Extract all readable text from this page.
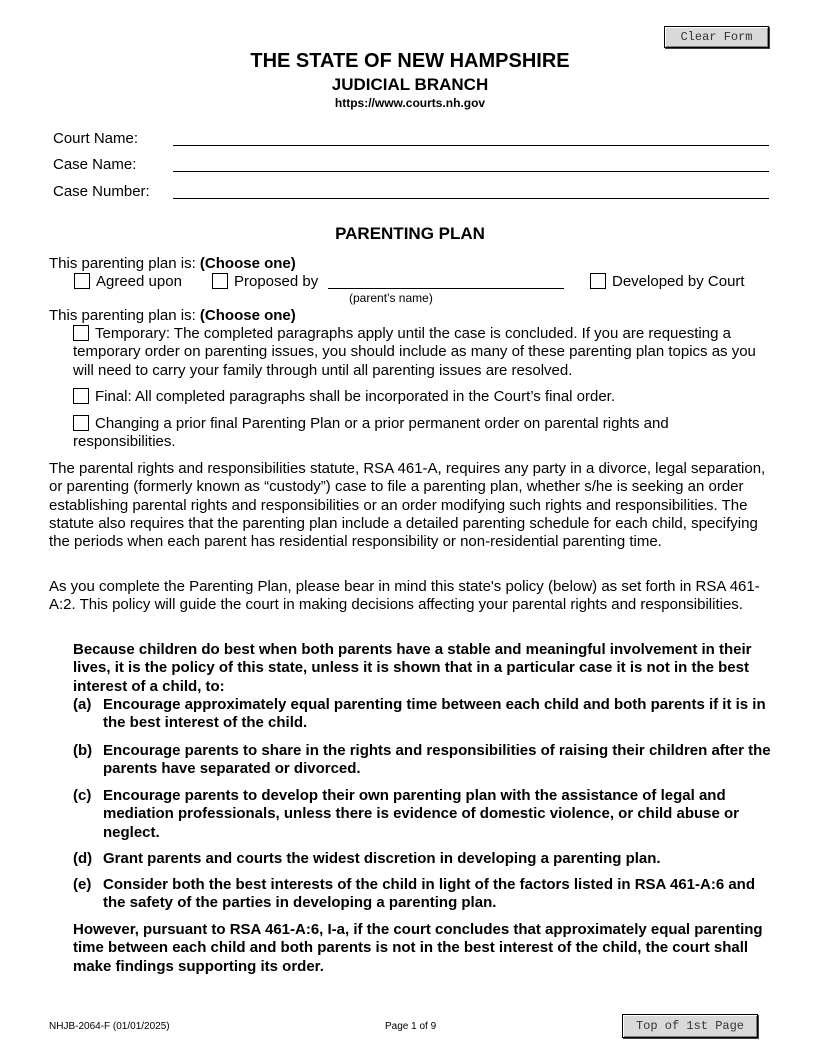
Clear Form
THE STATE OF NEW HAMPSHIRE
JUDICIAL BRANCH
https://www.courts.nh.gov
Court Name:
Case Name:
Case Number:
PARENTING PLAN
This parenting plan is: (Choose one)
Agreed upon	Proposed by
(parent’s name)
Developed by Court
This parenting plan is: (Choose one)
Temporary: The completed paragraphs apply until the case is concluded. If you are requesting a temporary order on parenting issues, you should include as many of these parenting plan topics as you will need to carry your family through until all parenting issues are resolved.
Final: All completed paragraphs shall be incorporated in the Court’s final order.
Changing a prior final Parenting Plan or a prior permanent order on parental rights and responsibilities.
The parental rights and responsibilities statute, RSA 461-A, requires any party in a divorce, legal separation, or parenting (formerly known as “custody”) case to file a parenting plan, whether s/he is seeking an order establishing parental rights and responsibilities or an order modifying such rights and responsibilities. The statute also requires that the parenting plan include a detailed parenting schedule for each child, specifying the periods when each parent has residential responsibility or non-residential parenting time.
As you complete the Parenting Plan, please bear in mind this state's policy (below) as set forth in RSA 461-A:2. This policy will guide the court in making decisions affecting your parental rights and responsibilities.
Because children do best when both parents have a stable and meaningful involvement in their lives, it is the policy of this state, unless it is shown that in a particular case it is not in the best interest of a child, to:
(a) Encourage approximately equal parenting time between each child and both parents if it is in the best interest of the child.
(b) Encourage parents to share in the rights and responsibilities of raising their children after the parents have separated or divorced.
(c) Encourage parents to develop their own parenting plan with the assistance of legal and mediation professionals, unless there is evidence of domestic violence, or child abuse or neglect.
(d) Grant parents and courts the widest discretion in developing a parenting plan.
(e) Consider both the best interests of the child in light of the factors listed in RSA 461-A:6 and the safety of the parties in developing a parenting plan.
However, pursuant to RSA 461-A:6, I-a, if the court concludes that approximately equal parenting time between each child and both parents is not in the best interest of the child, the court shall make findings supporting its order.
NHJB-2064-F (01/01/2025)	Page 1 of 9	Top of 1st Page
